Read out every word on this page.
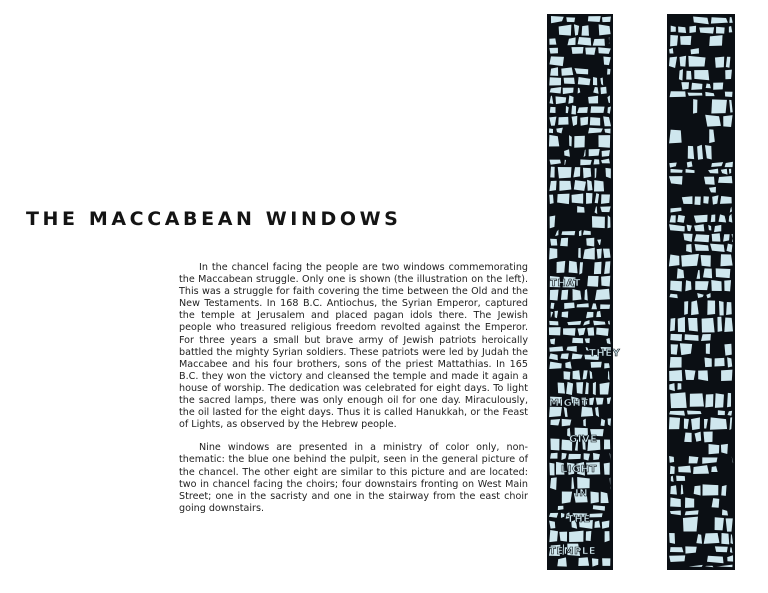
THE MACCABEAN WINDOWS

In the chancel facing the people are two windows commemorating the Maccabean struggle. Only one is shown (the illustration on the left). This was a struggle for faith covering the time between the Old and the New Testaments. In 168 B.C. Antiochus, the Syrian Emperor, captured the temple at Jerusalem and placed pagan idols there. The Jewish people who treasured religious freedom revolted against the Emperor. For three years a small but brave army of Jewish patriots heroically battled the mighty Syrian soldiers. These patriots were led by Judah the Maccabee and his four brothers, sons of the priest Mattathias. In 165 B.C. they won the victory and cleansed the temple and made it again a house of worship. The dedication was celebrated for eight days. To light the sacred lamps, there was only enough oil for one day. Miraculously, the oil lasted for the eight days. Thus it is called Hanukkah, or the Feast of Lights, as observed by the Hebrew people.

Nine windows are presented in a ministry of color only, non-thematic: the blue one behind the pulpit, seen in the general picture of the chancel. The other eight are similar to this picture and are located: two in chancel facing the choirs; four downstairs fronting on West Main Street; one in the sacristy and one in the stairway from the east choir going downstairs.

THAT
THEY
MIGHT
GIVE
LIGHT
IN
THE
TEMPLE
